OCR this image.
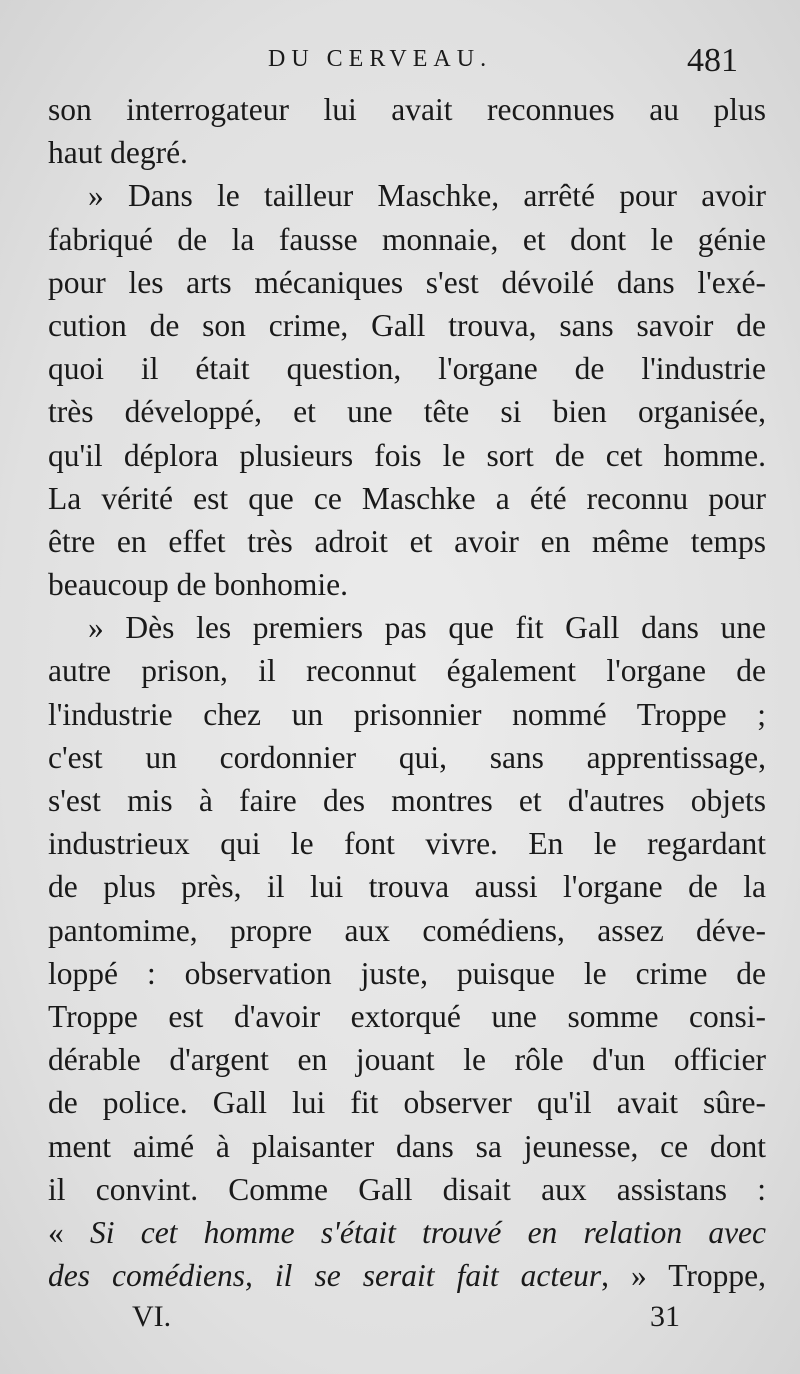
DU CERVEAU.	481
son interrogateur lui avait reconnues au plus
haut degré.
» Dans le tailleur Maschke, arrêté pour avoir
fabriqué de la fausse monnaie, et dont le génie
pour les arts mécaniques s'est dévoilé dans l'exé-
cution de son crime, Gall trouva, sans savoir de
quoi il était question, l'organe de l'industrie
très développé, et une tête si bien organisée,
qu'il déplora plusieurs fois le sort de cet homme.
La vérité est que ce Maschke a été reconnu pour
être en effet très adroit et avoir en même temps
beaucoup de bonhomie.
» Dès les premiers pas que fit Gall dans une
autre prison, il reconnut également l'organe de
l'industrie chez un prisonnier nommé Troppe ;
c'est un cordonnier qui, sans apprentissage,
s'est mis à faire des montres et d'autres objets
industrieux qui le font vivre. En le regardant
de plus près, il lui trouva aussi l'organe de la
pantomime, propre aux comédiens, assez déve-
loppé : observation juste, puisque le crime de
Troppe est d'avoir extorqué une somme consi-
dérable d'argent en jouant le rôle d'un officier
de police. Gall lui fit observer qu'il avait sûre-
ment aimé à plaisanter dans sa jeunesse, ce dont
il convint. Comme Gall disait aux assistans :
« Si cet homme s'était trouvé en relation avec
des comédiens, il se serait fait acteur, » Troppe,
VI.	31
